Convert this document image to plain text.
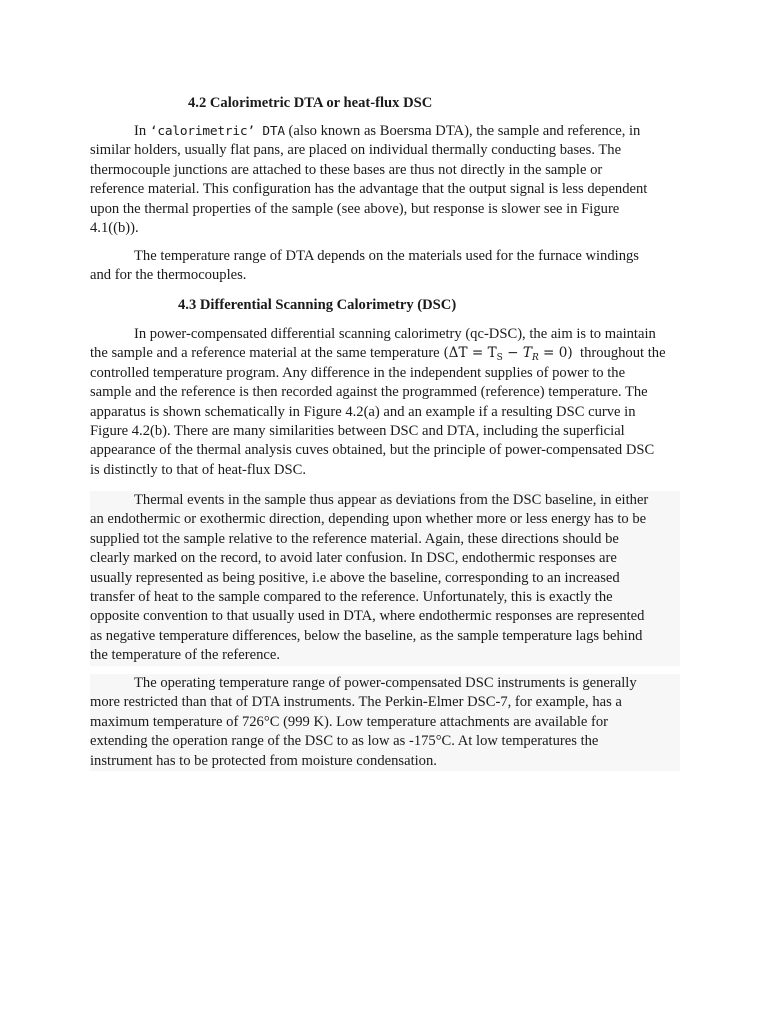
4.2 Calorimetric DTA or heat-flux DSC
In ‘calorimetric’ DTA (also known as Boersma DTA), the sample and reference, in
similar holders, usually flat pans, are placed on individual thermally conducting bases. The
thermocouple junctions are attached to these bases are thus not directly in the sample or
reference material. This configuration has the advantage that the output signal is less dependent
upon the thermal properties of the sample (see above), but response is slower see in Figure
4.1((b)).
The temperature range of DTA depends on the materials used for the furnace windings
and for the thermocouples.
4.3 Differential Scanning Calorimetry (DSC)
In power-compensated differential scanning calorimetry (qc-DSC), the aim is to maintain
the sample and a reference material at the same temperature $(\Delta T = T_S - T_R = 0)$  throughout the
controlled temperature program. Any difference in the independent supplies of power to the
sample and the reference is then recorded against the programmed (reference) temperature. The
apparatus is shown schematically in Figure 4.2(a) and an example if a resulting DSC curve in
Figure 4.2(b). There are many similarities between DSC and DTA, including the superficial
appearance of the thermal analysis cuves obtained, but the principle of power-compensated DSC
is distinctly to that of heat-flux DSC.
Thermal events in the sample thus appear as deviations from the DSC baseline, in either
an endothermic or exothermic direction, depending upon whether more or less energy has to be
supplied tot the sample relative to the reference material. Again, these directions should be
clearly marked on the record, to avoid later confusion. In DSC, endothermic responses are
usually represented as being positive, i.e above the baseline, corresponding to an increased
transfer of heat to the sample compared to the reference. Unfortunately, this is exactly the
opposite convention to that usually used in DTA, where endothermic responses are represented
as negative temperature differences, below the baseline, as the sample temperature lags behind
the temperature of the reference.
The operating temperature range of power-compensated DSC instruments is generally
more restricted than that of DTA instruments. The Perkin-Elmer DSC-7, for example, has a
maximum temperature of 726°C (999 K). Low temperature attachments are available for
extending the operation range of the DSC to as low as -175°C. At low temperatures the
instrument has to be protected from moisture condensation.
